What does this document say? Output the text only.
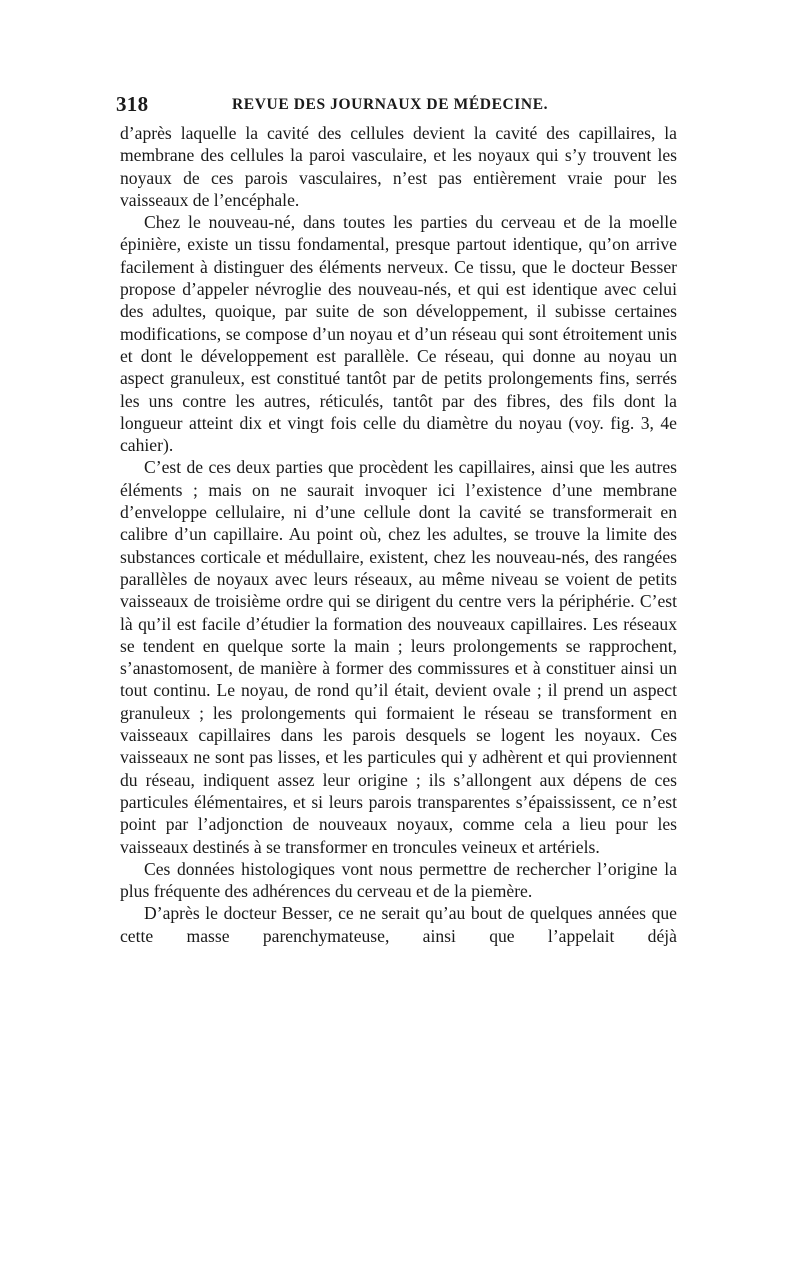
318	REVUE DES JOURNAUX DE MÉDECINE.

d’après laquelle la cavité des cellules devient la cavité des capillaires, la membrane des cellules la paroi vasculaire, et les noyaux qui s’y trouvent les noyaux de ces parois vasculaires, n’est pas entièrement vraie pour les vaisseaux de l’encéphale.

Chez le nouveau-né, dans toutes les parties du cerveau et de la moelle épinière, existe un tissu fondamental, presque partout identique, qu’on arrive facilement à distinguer des éléments nerveux. Ce tissu, que le docteur Besser propose d’appeler névroglie des nouveau-nés, et qui est identique avec celui des adultes, quoique, par suite de son développement, il subisse certaines modifications, se compose d’un noyau et d’un réseau qui sont étroitement unis et dont le développement est parallèle. Ce réseau, qui donne au noyau un aspect granuleux, est constitué tantôt par de petits prolongements fins, serrés les uns contre les autres, réticulés, tantôt par des fibres, des fils dont la longueur atteint dix et vingt fois celle du diamètre du noyau (voy. fig. 3, 4e cahier).

C’est de ces deux parties que procèdent les capillaires, ainsi que les autres éléments ; mais on ne saurait invoquer ici l’existence d’une membrane d’enveloppe cellulaire, ni d’une cellule dont la cavité se transformerait en calibre d’un capillaire. Au point où, chez les adultes, se trouve la limite des substances corticale et médullaire, existent, chez les nouveau-nés, des rangées parallèles de noyaux avec leurs réseaux, au même niveau se voient de petits vaisseaux de troisième ordre qui se dirigent du centre vers la périphérie. C’est là qu’il est facile d’étudier la formation des nouveaux capillaires. Les réseaux se tendent en quelque sorte la main ; leurs prolongements se rapprochent, s’anastomosent, de manière à former des commissures et à constituer ainsi un tout continu. Le noyau, de rond qu’il était, devient ovale ; il prend un aspect granuleux ; les prolongements qui formaient le réseau se transforment en vaisseaux capillaires dans les parois desquels se logent les noyaux. Ces vaisseaux ne sont pas lisses, et les particules qui y adhèrent et qui proviennent du réseau, indiquent assez leur origine ; ils s’allongent aux dépens de ces particules élémentaires, et si leurs parois transparentes s’épaississent, ce n’est point par l’adjonction de nouveaux noyaux, comme cela a lieu pour les vaisseaux destinés à se transformer en troncules veineux et artériels.

Ces données histologiques vont nous permettre de rechercher l’origine la plus fréquente des adhérences du cerveau et de la piemère.

D’après le docteur Besser, ce ne serait qu’au bout de quelques années que cette masse parenchymateuse, ainsi que l’appelait déjà
